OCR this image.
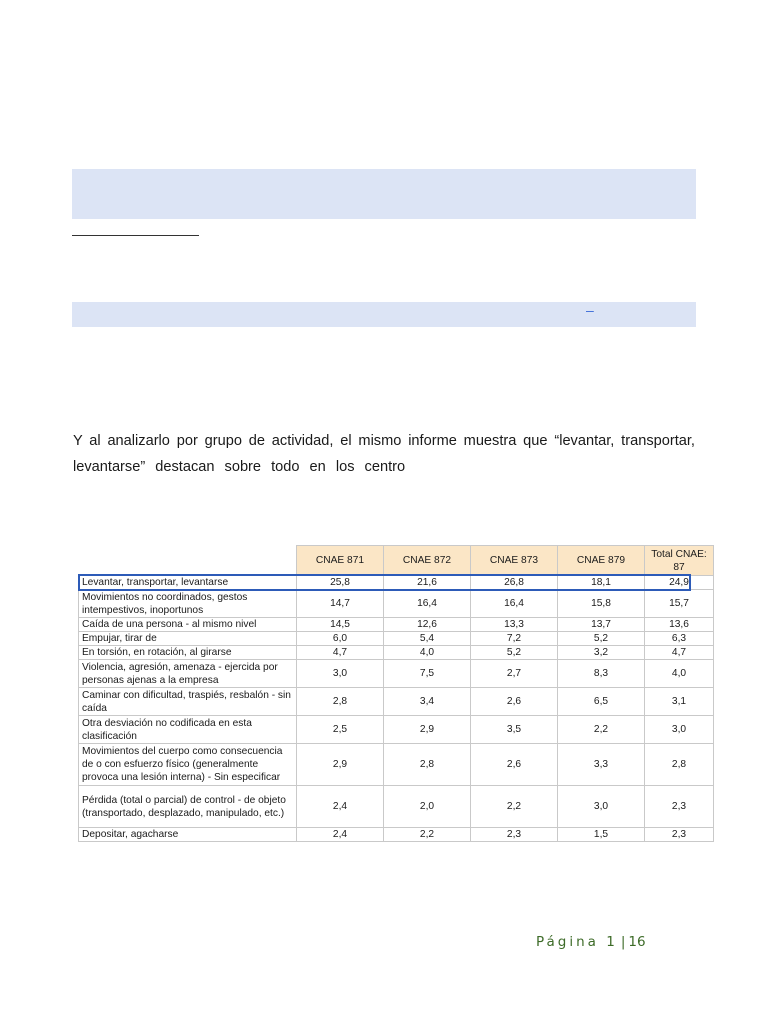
–
Y al analizarlo por grupo de actividad, el mismo informe muestra que “levantar, transportar,
levantarse” destacan sobre todo en los centro
	CNAE 871	CNAE 872	CNAE 873	CNAE 879	Total CNAE: 87
Levantar, transportar, levantarse	25,8	21,6	26,8	18,1	24,9
Movimientos no coordinados, gestos intempestivos, inoportunos	14,7	16,4	16,4	15,8	15,7
Caída de una persona - al mismo nivel	14,5	12,6	13,3	13,7	13,6
Empujar, tirar de	6,0	5,4	7,2	5,2	6,3
En torsión, en rotación, al girarse	4,7	4,0	5,2	3,2	4,7
Violencia, agresión, amenaza - ejercida por personas ajenas a la empresa	3,0	7,5	2,7	8,3	4,0
Caminar con dificultad, traspiés, resbalón - sin caída	2,8	3,4	2,6	6,5	3,1
Otra desviación no codificada en esta clasificación	2,5	2,9	3,5	2,2	3,0
Movimientos del cuerpo como consecuencia de o con esfuerzo físico (generalmente provoca una lesión interna) - Sin especificar	2,9	2,8	2,6	3,3	2,8
Pérdida (total o parcial) de control - de objeto (transportado, desplazado, manipulado, etc.)	2,4	2,0	2,2	3,0	2,3
Depositar, agacharse	2,4	2,2	2,3	1,5	2,3
Página 1 | 16
